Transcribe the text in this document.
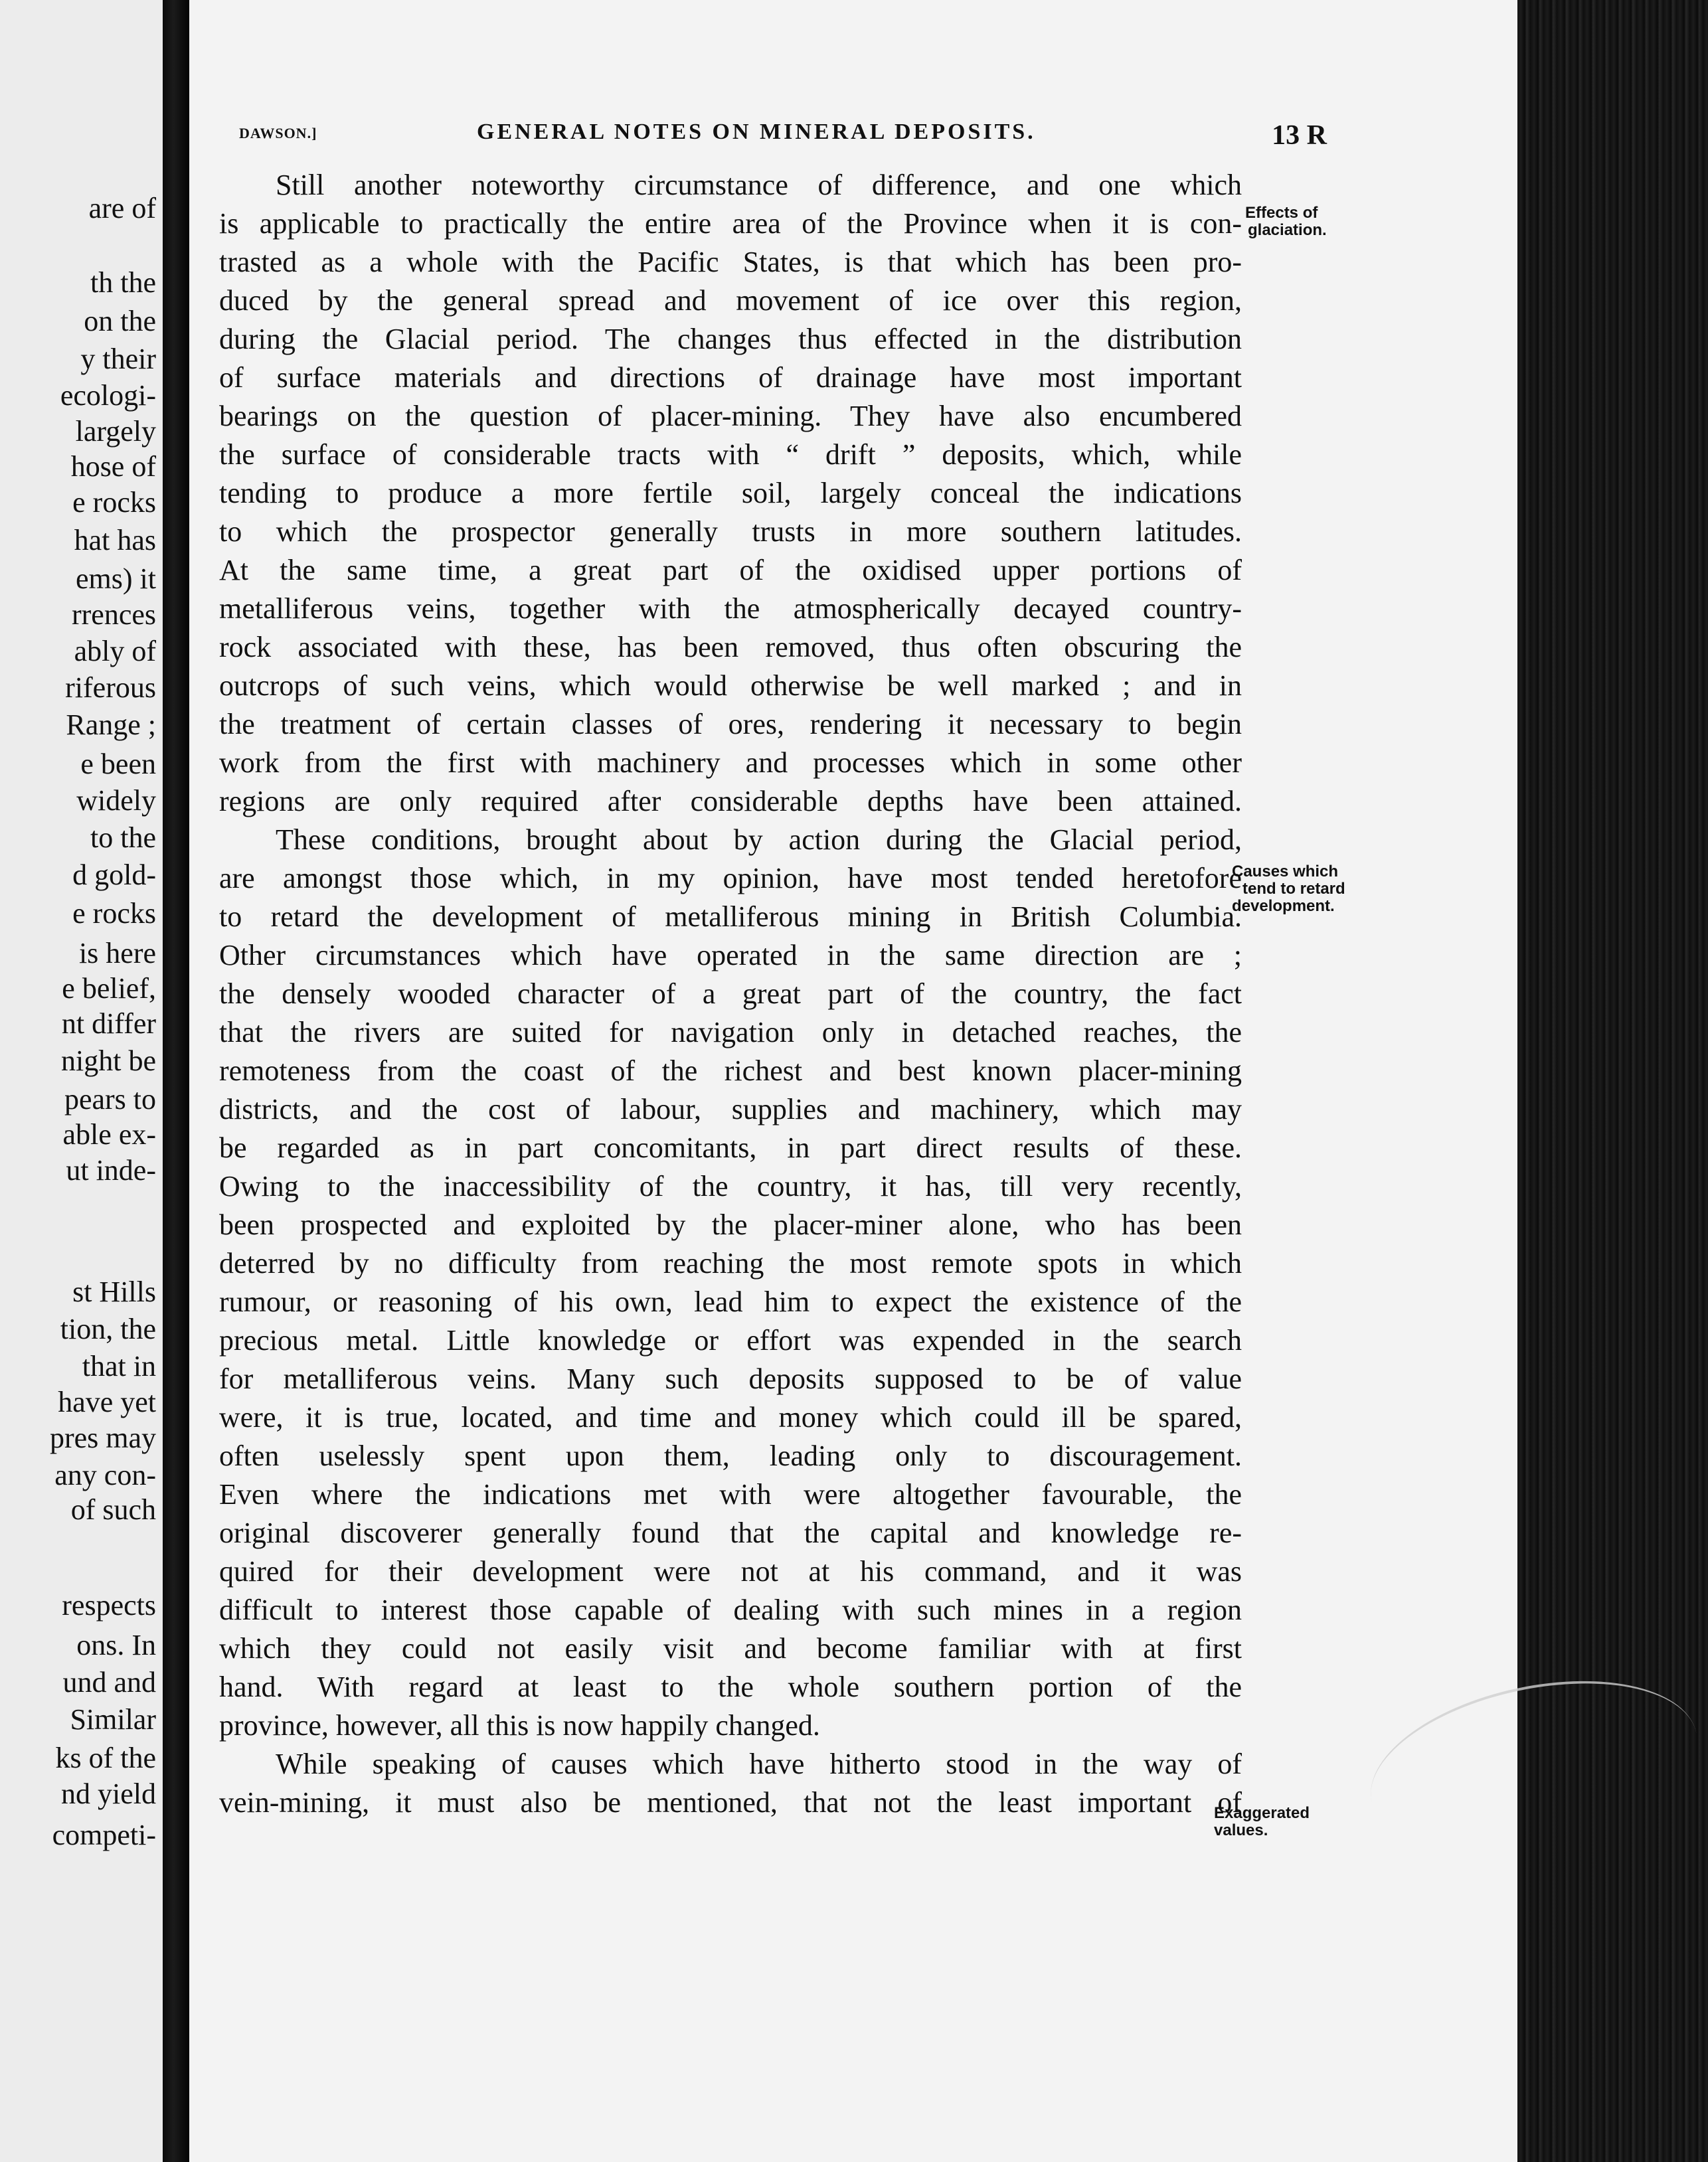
are of
th the
on the
y their
ecologi-
largely
hose of
e rocks
hat has
ems) it
rrences
ably of
riferous
Range ;
e been
widely
to the
d gold-
e rocks
is here
e belief,
nt differ
night be
pears to
able ex-
ut inde-
st Hills
tion, the
that in
have yet
pres may
any con-
of such
respects
ons. In
und and
Similar
ks of the
nd yield
competi-
DAWSON.]	GENERAL NOTES ON MINERAL DEPOSITS.	13 R
Still another noteworthy circumstance of difference, and one which
is applicable to practically the entire area of the Province when it is con-
trasted as a whole with the Pacific States, is that which has been pro-
duced by the general spread and movement of ice over this region,
during the Glacial period. The changes thus effected in the distribution
of surface materials and directions of drainage have most important
bearings on the question of placer-mining. They have also encumbered
the surface of considerable tracts with “ drift ” deposits, which, while
tending to produce a more fertile soil, largely conceal the indications
to which the prospector generally trusts in more southern latitudes.
At the same time, a great part of the oxidised upper portions of
metalliferous veins, together with the atmospherically decayed country-
rock associated with these, has been removed, thus often obscuring the
outcrops of such veins, which would otherwise be well marked ; and in
the treatment of certain classes of ores, rendering it necessary to begin
work from the first with machinery and processes which in some other
regions are only required after considerable depths have been attained.
These conditions, brought about by action during the Glacial period,
are amongst those which, in my opinion, have most tended heretofore
to retard the development of metalliferous mining in British Columbia.
Other circumstances which have operated in the same direction are ;
the densely wooded character of a great part of the country, the fact
that the rivers are suited for navigation only in detached reaches, the
remoteness from the coast of the richest and best known placer-mining
districts, and the cost of labour, supplies and machinery, which may
be regarded as in part concomitants, in part direct results of these.
Owing to the inaccessibility of the country, it has, till very recently,
been prospected and exploited by the placer-miner alone, who has been
deterred by no difficulty from reaching the most remote spots in which
rumour, or reasoning of his own, lead him to expect the existence of the
precious metal. Little knowledge or effort was expended in the search
for metalliferous veins. Many such deposits supposed to be of value
were, it is true, located, and time and money which could ill be spared,
often uselessly spent upon them, leading only to discouragement.
Even where the indications met with were altogether favourable, the
original discoverer generally found that the capital and knowledge re-
quired for their development were not at his command, and it was
difficult to interest those capable of dealing with such mines in a region
which they could not easily visit and become familiar with at first
hand. With regard at least to the whole southern portion of the
province, however, all this is now happily changed.
While speaking of causes which have hitherto stood in the way of
vein-mining, it must also be mentioned, that not the least important of
Effects of
glaciation.
Causes which
tend to retard
development.
Exaggerated
values.
